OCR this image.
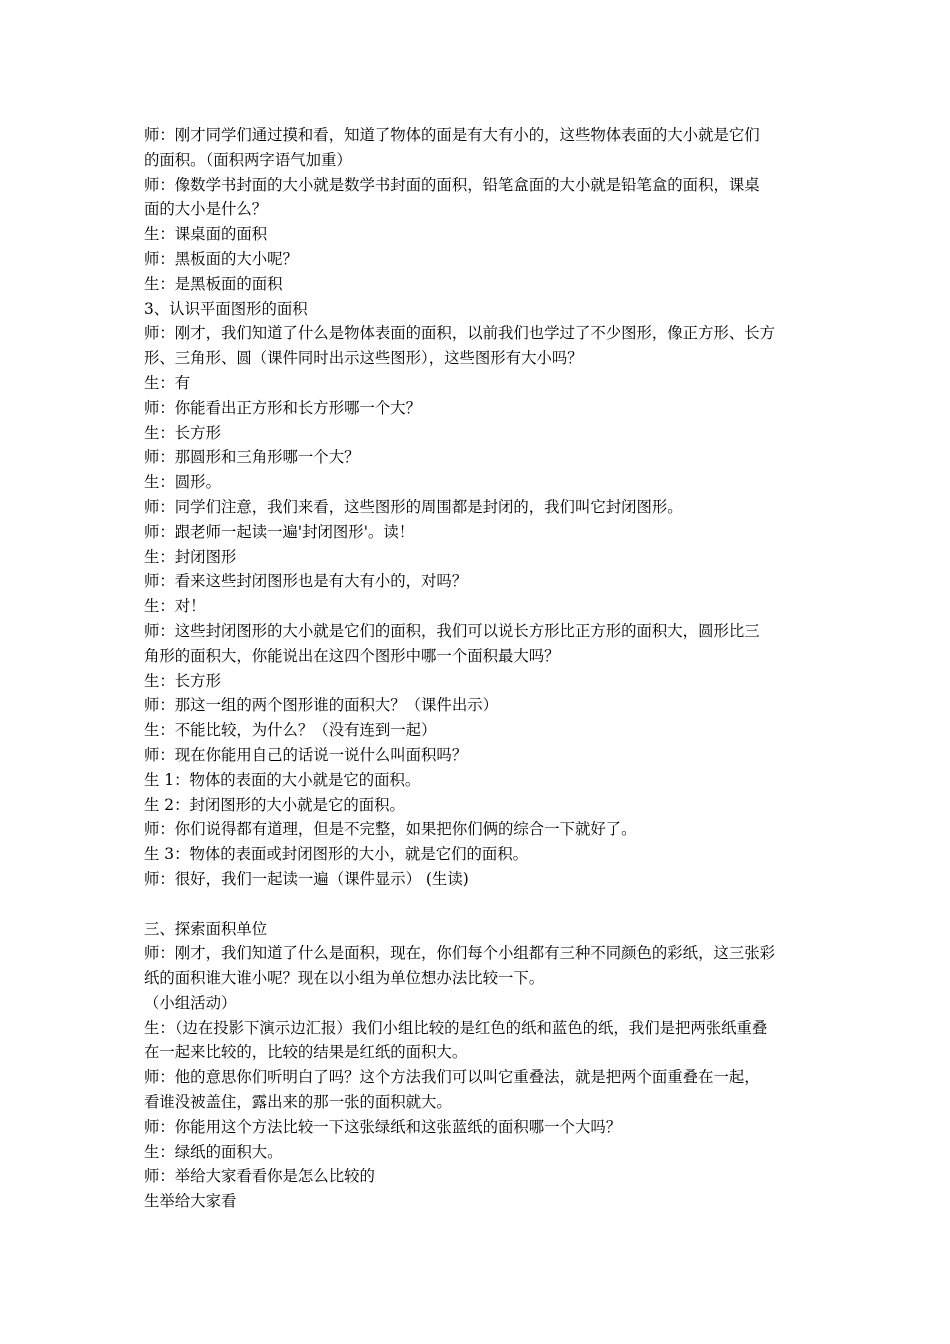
师：刚才同学们通过摸和看，知道了物体的面是有大有小的，这些物体表面的大小就是它们
的面积。（面积两字语气加重）
师：像数学书封面的大小就是数学书封面的面积，铅笔盒面的大小就是铅笔盒的面积，课桌
面的大小是什么？
生：课桌面的面积
师：黑板面的大小呢？
生：是黑板面的面积
3、认识平面图形的面积
师：刚才，我们知道了什么是物体表面的面积，以前我们也学过了不少图形，像正方形、长方
形、三角形、圆（课件同时出示这些图形），这些图形有大小吗？
生：有
师：你能看出正方形和长方形哪一个大？
生：长方形
师：那圆形和三角形哪一个大？
生：圆形。
师：同学们注意，我们来看，这些图形的周围都是封闭的，我们叫它封闭图形。
师：跟老师一起读一遍'封闭图形'。读！
生：封闭图形
师：看来这些封闭图形也是有大有小的，对吗？
生：对！
师：这些封闭图形的大小就是它们的面积，我们可以说长方形比正方形的面积大，圆形比三
角形的面积大，你能说出在这四个图形中哪一个面积最大吗？
生：长方形
师：那这一组的两个图形谁的面积大？（课件出示）
生：不能比较，为什么？（没有连到一起）
师：现在你能用自己的话说一说什么叫面积吗？
生 1：物体的表面的大小就是它的面积。
生 2：封闭图形的大小就是它的面积。
师：你们说得都有道理，但是不完整，如果把你们俩的综合一下就好了。
生 3：物体的表面或封闭图形的大小，就是它们的面积。
师：很好，我们一起读一遍（课件显示） (生读)
三、探索面积单位
师：刚才，我们知道了什么是面积，现在，你们每个小组都有三种不同颜色的彩纸，这三张彩
纸的面积谁大谁小呢？现在以小组为单位想办法比较一下。
（小组活动）
生：（边在投影下演示边汇报）我们小组比较的是红色的纸和蓝色的纸，我们是把两张纸重叠
在一起来比较的，比较的结果是红纸的面积大。
师：他的意思你们听明白了吗？这个方法我们可以叫它重叠法，就是把两个面重叠在一起，
看谁没被盖住，露出来的那一张的面积就大。
师：你能用这个方法比较一下这张绿纸和这张蓝纸的面积哪一个大吗？
生：绿纸的面积大。
师：举给大家看看你是怎么比较的
生举给大家看
